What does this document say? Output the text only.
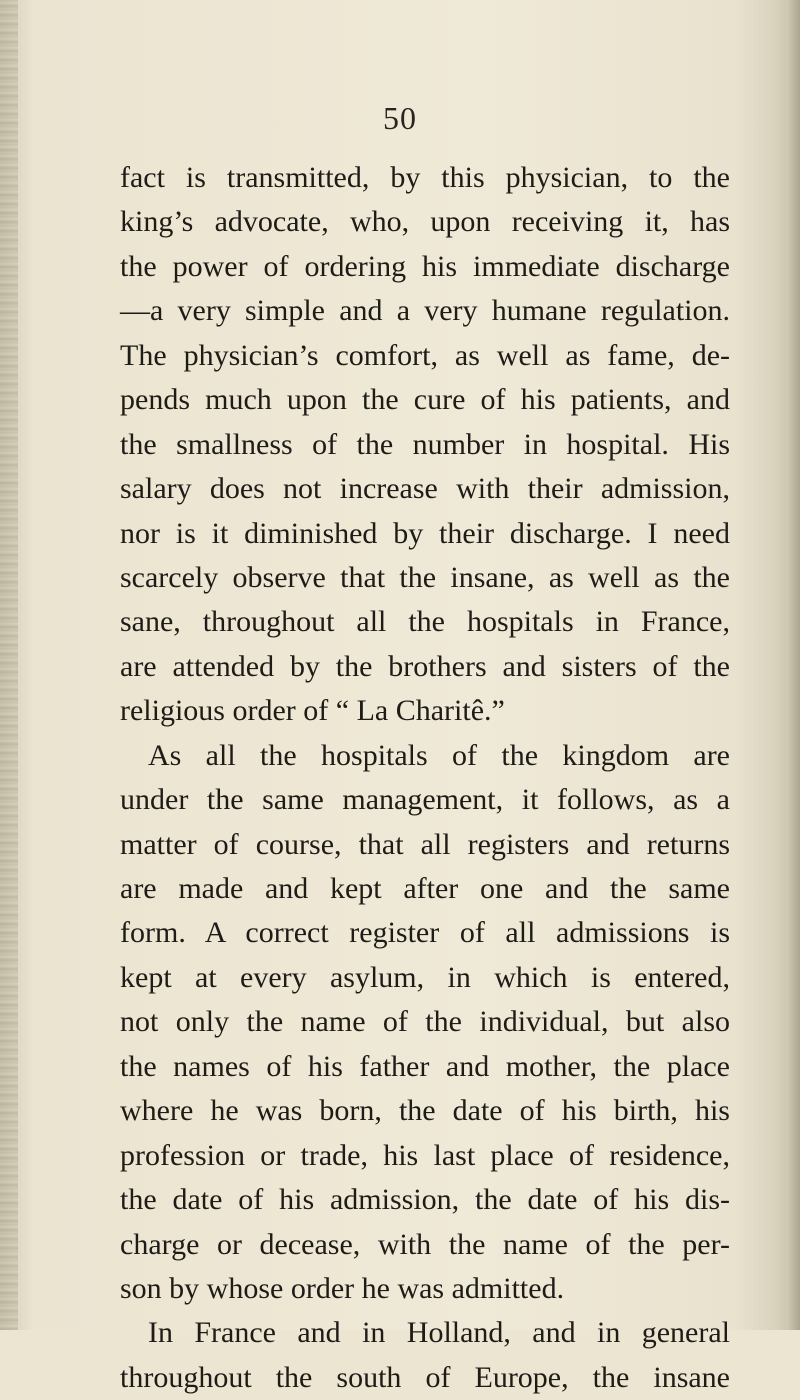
50
fact is transmitted, by this physician, to the
king’s advocate, who, upon receiving it, has
the power of ordering his immediate discharge
—a very simple and a very humane regulation.
The physician’s comfort, as well as fame, de-
pends much upon the cure of his patients, and
the smallness of the number in hospital. His
salary does not increase with their admission,
nor is it diminished by their discharge. I need
scarcely observe that the insane, as well as the
sane, throughout all the hospitals in France,
are attended by the brothers and sisters of the
religious order of “ La Charitê.”
As all the hospitals of the kingdom are
under the same management, it follows, as a
matter of course, that all registers and returns
are made and kept after one and the same
form. A correct register of all admissions is
kept at every asylum, in which is entered,
not only the name of the individual, but also
the names of his father and mother, the place
where he was born, the date of his birth, his
profession or trade, his last place of residence,
the date of his admission, the date of his dis-
charge or decease, with the name of the per-
son by whose order he was admitted.
In France and in Holland, and in general
throughout the south of Europe, the insane
